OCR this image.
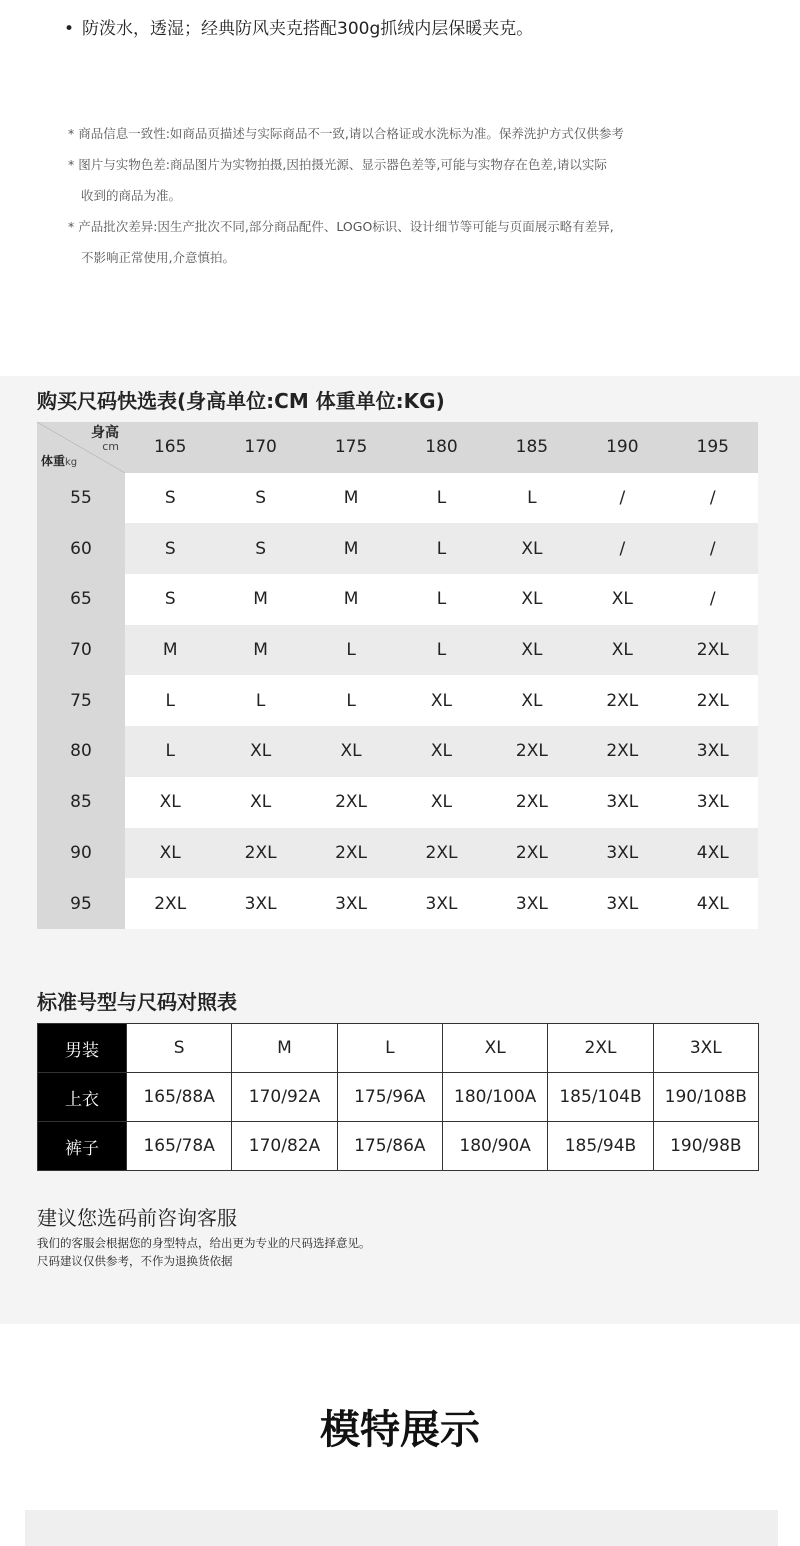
• 防泼水，透湿；经典防风夹克搭配300g抓绒内层保暖夹克。

* 商品信息一致性:如商品页描述与实际商品不一致,请以合格证或水洗标为准。保养洗护方式仅供参考

* 图片与实物色差:商品图片为实物拍摄,因拍摄光源、显示器色差等,可能与实物存在色差,请以实际

收到的商品为准。

* 产品批次差异:因生产批次不同,部分商品配件、LOGO标识、设计细节等可能与页面展示略有差异,

不影响正常使用,介意慎拍。

购买尺码快选表(身高单位:CM 体重单位:KG)
身高
cm
体重kg	165	170	175	180	185	190	195
55	S	S	M	L	L	/	/
60	S	S	M	L	XL	/	/
65	S	M	M	L	XL	XL	/
70	M	M	L	L	XL	XL	2XL
75	L	L	L	XL	XL	2XL	2XL
80	L	XL	XL	XL	2XL	2XL	3XL
85	XL	XL	2XL	XL	2XL	3XL	3XL
90	XL	2XL	2XL	2XL	2XL	3XL	4XL
95	2XL	3XL	3XL	3XL	3XL	3XL	4XL
标准号型与尺码对照表
男装	S	M	L	XL	2XL	3XL
上衣	165/88A	170/92A	175/96A	180/100A	185/104B	190/108B
裤子	165/78A	170/82A	175/86A	180/90A	185/94B	190/98B
建议您选码前咨询客服

我们的客服会根据您的身型特点，给出更为专业的尺码选择意见。

尺码建议仅供参考，不作为退换货依据

模特展示
